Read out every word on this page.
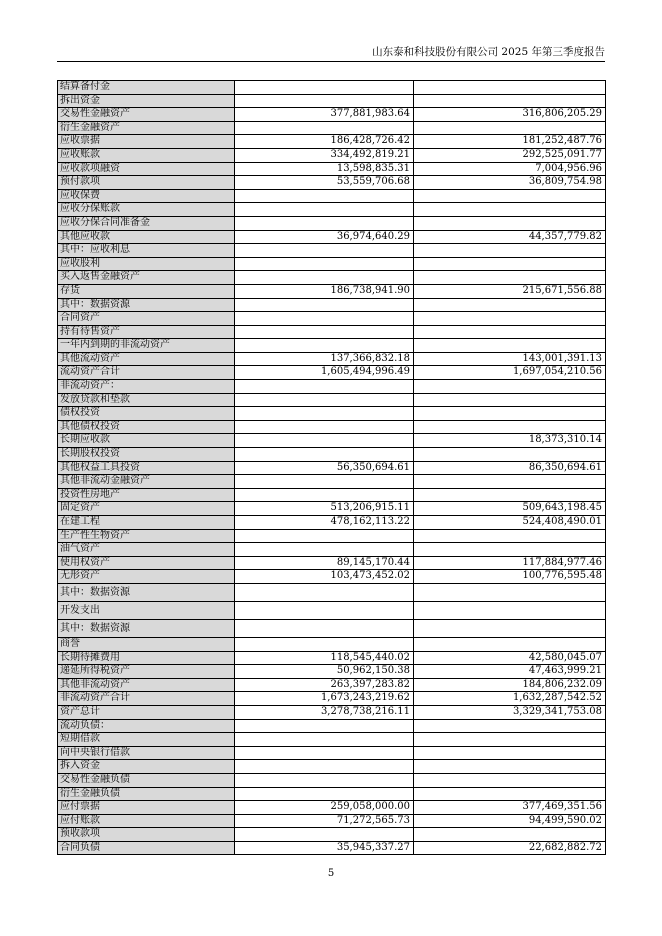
山东泰和科技股份有限公司 2025 年第三季度报告
结算备付金		
拆出资金		
交易性金融资产	377,881,983.64	316,806,205.29
衍生金融资产		
应收票据	186,428,726.42	181,252,487.76
应收账款	334,492,819.21	292,525,091.77
应收款项融资	13,598,835.31	7,004,956.96
预付款项	53,559,706.68	36,809,754.98
应收保费		
应收分保账款		
应收分保合同准备金		
其他应收款	36,974,640.29	44,357,779.82
其中：应收利息		
应收股利		
买入返售金融资产		
存货	186,738,941.90	215,671,556.88
其中：数据资源		
合同资产		
持有待售资产		
一年内到期的非流动资产		
其他流动资产	137,366,832.18	143,001,391.13
流动资产合计	1,605,494,996.49	1,697,054,210.56
非流动资产：		
发放贷款和垫款		
债权投资		
其他债权投资		
长期应收款		18,373,310.14
长期股权投资		
其他权益工具投资	56,350,694.61	86,350,694.61
其他非流动金融资产		
投资性房地产		
固定资产	513,206,915.11	509,643,198.45
在建工程	478,162,113.22	524,408,490.01
生产性生物资产		
油气资产		
使用权资产	89,145,170.44	117,884,977.46
无形资产	103,473,452.02	100,776,595.48
其中：数据资源		
开发支出		
其中：数据资源		
商誉		
长期待摊费用	118,545,440.02	42,580,045.07
递延所得税资产	50,962,150.38	47,463,999.21
其他非流动资产	263,397,283.82	184,806,232.09
非流动资产合计	1,673,243,219.62	1,632,287,542.52
资产总计	3,278,738,216.11	3,329,341,753.08
流动负债：		
短期借款		
向中央银行借款		
拆入资金		
交易性金融负债		
衍生金融负债		
应付票据	259,058,000.00	377,469,351.56
应付账款	71,272,565.73	94,499,590.02
预收款项		
合同负债	35,945,337.27	22,682,882.72
5
